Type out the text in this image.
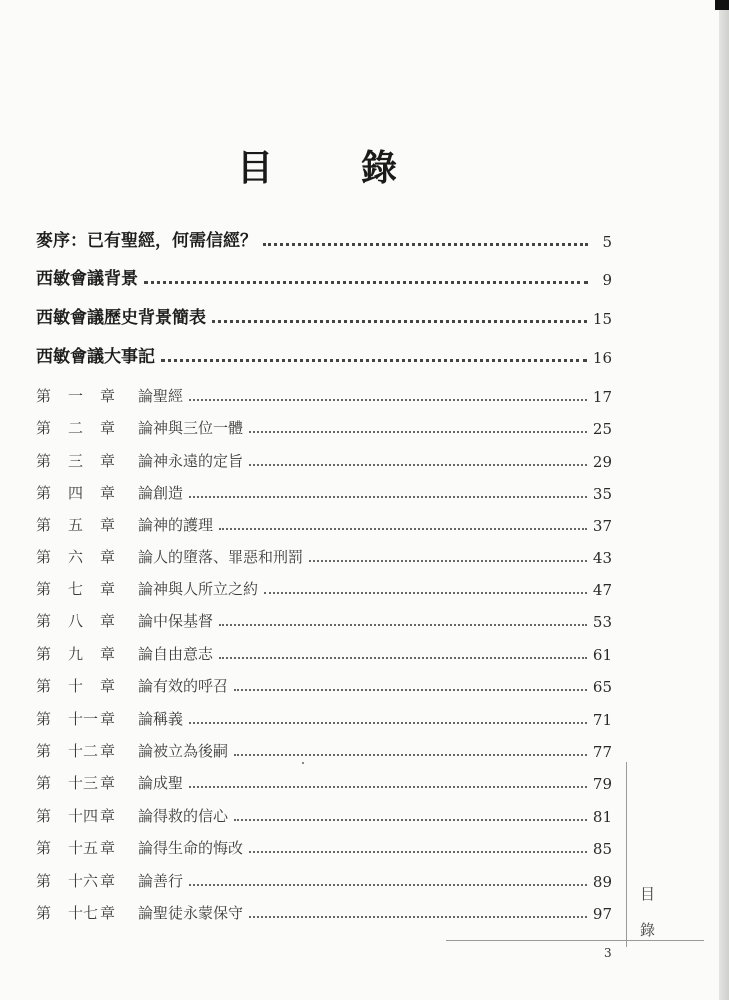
目　錄
麥序：已有聖經，何需信經？	5
西敏會議背景	9
西敏會議歷史背景簡表	15
西敏會議大事記	16
第 一 章 論聖經	17
第 二 章 論神與三位一體	25
第 三 章 論神永遠的定旨	29
第 四 章 論創造	35
第 五 章 論神的護理	37
第 六 章 論人的墮落、罪惡和刑罰	43
第 七 章 論神與人所立之約	47
第 八 章 論中保基督	53
第 九 章 論自由意志	61
第 十 章 論有效的呼召	65
第 十一 章 論稱義	71
第 十二 章 論被立為後嗣	77
第 十三 章 論成聖	79
第 十四 章 論得救的信心	81
第 十五 章 論得生命的悔改	85
第 十六 章 論善行	89
第 十七 章 論聖徒永蒙保守	97
目
錄
3
